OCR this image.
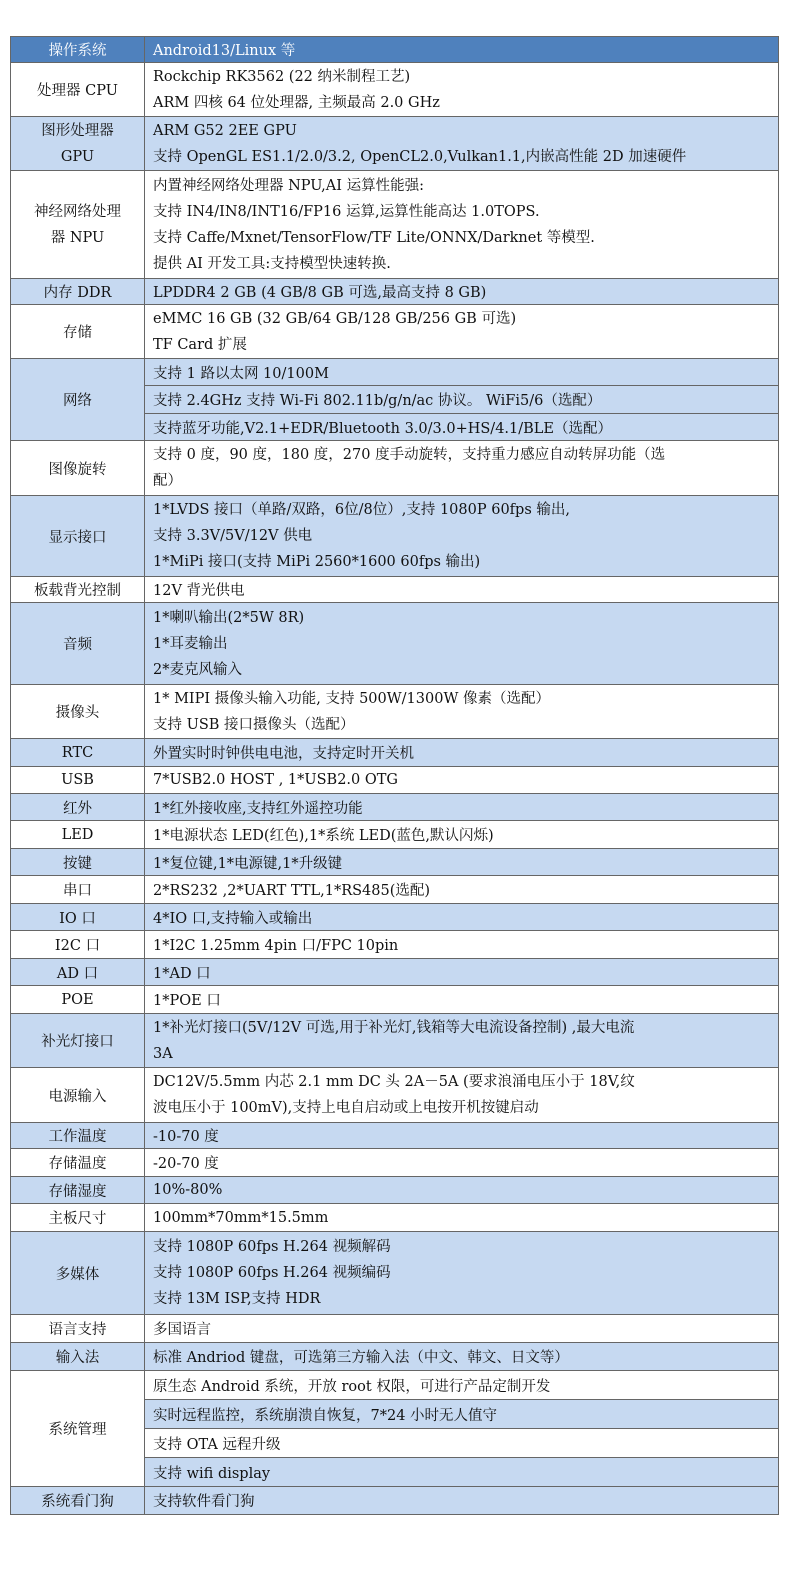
操作系统	Android13/Linux 等
处理器 CPU	Rockchip RK3562 (22 纳米制程工艺)
ARM 四核 64 位处理器, 主频最高 2.0 GHz

图形处理器
GPU	ARM G52 2EE GPU
支持 OpenGL ES1.1/2.0/3.2, OpenCL2.0,Vulkan1.1,内嵌高性能 2D 加速硬件

神经网络处理
器 NPU	内置神经网络处理器 NPU,AI 运算性能强:
支持 IN4/IN8/INT16/FP16 运算,运算性能高达 1.0TOPS.
支持 Caffe/Mxnet/TensorFlow/TF Lite/ONNX/Darknet 等模型.
提供 AI 开发工具:支持模型快速转换.

内存 DDR	LPDDR4 2 GB (4 GB/8 GB 可选,最高支持 8 GB)
存储	eMMC 16 GB (32 GB/64 GB/128 GB/256 GB 可选)
TF Card 扩展

网络	支持 1 路以太网 10/100M
	支持 2.4GHz 支持 Wi-Fi 802.11b/g/n/ac 协议。 WiFi5/6（选配）
	支持蓝牙功能,V2.1+EDR/Bluetooth 3.0/3.0+HS/4.1/BLE（选配）
图像旋转	支持 0 度，90 度，180 度，270 度手动旋转，支持重力感应自动转屏功能（选
配）

显示接口	1*LVDS 接口（单路/双路，6位/8位）,支持 1080P 60fps 输出,
支持 3.3V/5V/12V 供电
1*MiPi 接口(支持 MiPi 2560*1600 60fps 输出)

板载背光控制	12V 背光供电
音频	1*喇叭输出(2*5W 8R)
1*耳麦输出
2*麦克风输入

摄像头	1* MIPI 摄像头输入功能, 支持 500W/1300W 像素（选配）
支持 USB 接口摄像头（选配）

RTC	外置实时时钟供电电池，支持定时开关机
USB	7*USB2.0 HOST , 1*USB2.0 OTG
红外	1*红外接收座,支持红外遥控功能
LED	1*电源状态 LED(红色),1*系统 LED(蓝色,默认闪烁)
按键	1*复位键,1*电源键,1*升级键
串口	2*RS232 ,2*UART TTL,1*RS485(选配)
IO 口	4*IO 口,支持输入或输出
I2C 口	1*I2C 1.25mm 4pin 口/FPC 10pin
AD 口	1*AD 口
POE	1*POE 口
补光灯接口	1*补光灯接口(5V/12V 可选,用于补光灯,钱箱等大电流设备控制) ,最大电流
3A

电源输入	DC12V/5.5mm 内芯 2.1 mm DC 头 2A－5A (要求浪涌电压小于 18V,纹
波电压小于 100mV),支持上电自启动或上电按开机按键启动

工作温度	-10-70 度
存储温度	-20-70 度
存储湿度	10%-80%
主板尺寸	100mm*70mm*15.5mm
多媒体	支持 1080P 60fps H.264 视频解码
支持 1080P 60fps H.264 视频编码
支持 13M ISP,支持 HDR

语言支持	多国语言
输入法	标准 Andriod 键盘，可选第三方输入法（中文、韩文、日文等）
系统管理	原生态 Android 系统，开放 root 权限，可进行产品定制开发
	实时远程监控，系统崩溃自恢复，7*24 小时无人值守
	支持 OTA 远程升级
	支持 wifi display
系统看门狗	支持软件看门狗
